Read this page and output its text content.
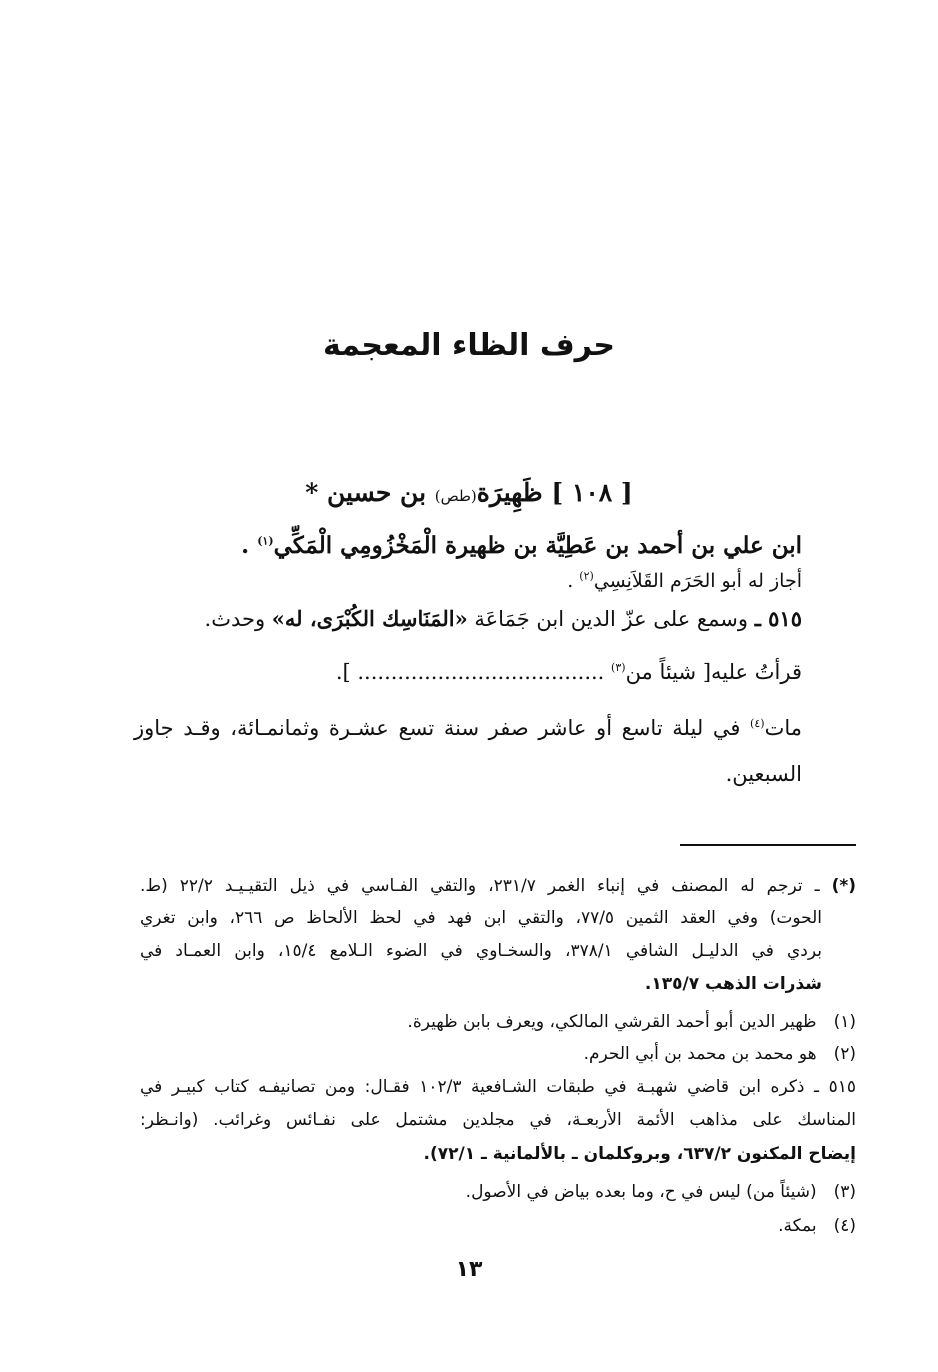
حرف الظاء المعجمة
[ ١٠٨ ] ظَهِيرَة(طص) بن حسين *
ابن علي بن أحمد بن عَطِيَّة بن ظهيرة الْمَخْزُومِي الْمَكِّي$^{(١)}$ .
أجاز له أبو الحَرَم القَلاَنِسِي$^{(٢)}$ .
٥١٥ ـ وسمع على عزّ الدين ابن جَمَاعَة «المَنَاسِك الكُبْرَى، له» وحدث.
قرأتُ عليه[ شيئاً من$^{(٣)}$ ..................................... ].
مات$^{(٤)}$ في ليلة تاسع أو عاشر صفر سنة تسع عشـرة وثمانمـائة، وقـد جاوز
السبعين.
(*) ـ ترجم له المصنف في إنباء الغمر ٢٣١/٧، والتقي الفـاسي في ذيل التقيـيـد ٢٢/٢ (ط.
الحوت) وفي العقد الثمين ٧٧/٥، والتقي ابن فهد في لحظ الألحاظ ص ٢٦٦، وابن تغري
بردي في الدليـل الشافي ٣٧٨/١، والسخـاوي في الضوء الـلامع ١٥/٤، وابن العمـاد في
شذرات الذهب ١٣٥/٧.
(١) ظهير الدين أبو أحمد القرشي المالكي، ويعرف بابن ظهيرة.
(٢) هو محمد بن محمد بن أبي الحرم.
٥١٥ ـ ذكره ابن قاضي شهبـة في طبقات الشـافعية ١٠٢/٣ فقـال: ومن تصانيفـه كتاب كبيـر في
المناسك على مذاهب الأئمة الأربعـة، في مجلدين مشتمل على نفـائس وغرائب. (وانـظر:
إيضاح المكنون ٦٣٧/٢، وبروكلمان ـ بالألمانية ـ ٧٢/١).
(٣) (شيئاً من) ليس في ح، وما بعده بياض في الأصول.
(٤) بمكة.
١٣
